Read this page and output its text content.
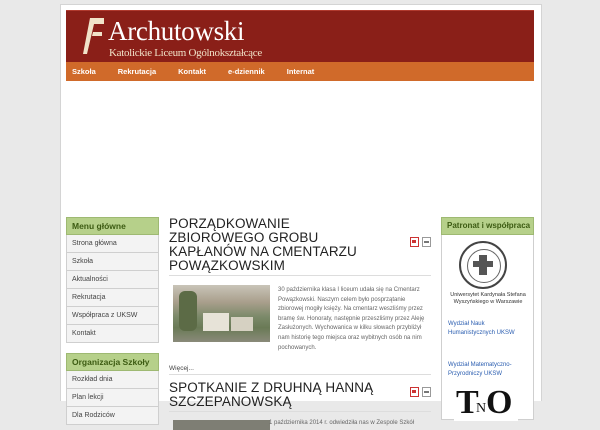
Archutowski
Katolickie Liceum Ogólnokształcące
Szkoła	Rekrutacja	Kontakt	e-dziennik	Internat
Menu główne
Strona główna
Szkoła
Aktualności
Rekrutacja
Współpraca z UKSW
Kontakt
Organizacja Szkoły
Rozkład dnia
Plan lekcji
Dla Rodziców
PORZĄDKOWANIE ZBIOROWEGO GROBU KAPŁANÓW NA CMENTARZU POWĄZKOWSKIM
30 października klasa I liceum udała się na Cmentarz Powązkowski. Naszym celem było posprzątanie zbiorowej mogiły księży. Na cmentarz weszliśmy przez bramę św. Honoraty, następnie przeszliśmy przez Aleję Zasłużonych. Wychowanica w kilku słowach przybliżył nam historię tego miejsca oraz wybitnych osób na nim pochowanych.
Więcej...
SPOTKANIE Z DRUHNĄ HANNĄ SZCZEPANOWSKĄ
1 października 2014 r. odwiedziła nas w Zespole Szkół
Patronat i współpraca
Uniwersytet Kardynała Stefana Wyszyńskiego w Warszawie
Wydział Nauk Humanistycznych UKSW
Wydział Matematyczno-Przyrodniczy UKSW
T
N O
